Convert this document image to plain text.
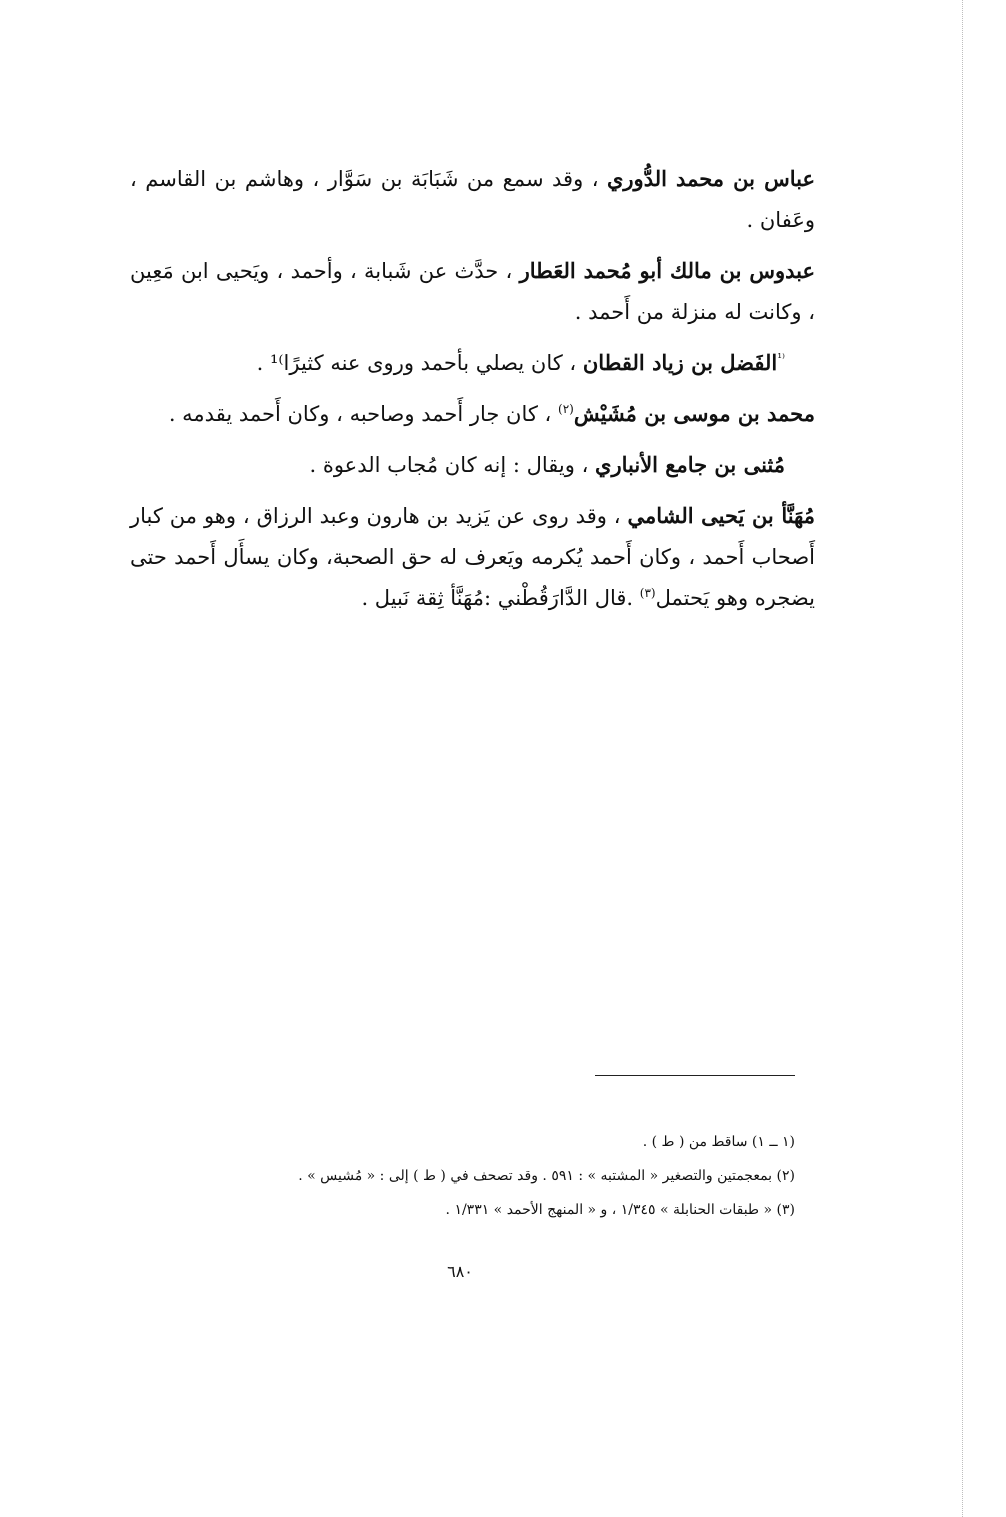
عباس بن محمد الدُّوري ، وقد سمع من شَبَابَة بن سَوَّار ، وهاشم بن القاسم ، وعَفان .

عبدوس بن مالك أبو مُحمد العَطار ، حدَّث عن شَبابة ، وأحمد ، ويَحيى ابن مَعِين ، وكانت له منزلة من أَحمد .

$^{^{(1}}$الفَضل بن زياد القطان ، كان يصلي بأحمد وروى عنه كثيرًا⁾¹ .

محمد بن موسى بن مُشَيْش$^{(٢)}$ ، كان جار أَحمد وصاحبه ، وكان أَحمد يقدمه .

مُثنى بن جامع الأنباري ، ويقال : إنه كان مُجاب الدعوة .

مُهَنَّأ بن يَحيى الشامي ، وقد روى عن يَزيد بن هارون وعبد الرزاق ، وهو من كبار أَصحاب أَحمد ، وكان أَحمد يُكرمه ويَعرف له حق الصحبة، وكان يسأَل أَحمد حتى يضجره وهو يَحتمل$^{(٣)}$ .قال الدَّارَقُطْني :مُهَنَّأ ثِقة نَبيل .

(١ ــ ١) ساقط من ( ط ) .

(٢) بمعجمتين والتصغير « المشتبه » : ٥٩١ . وقد تصحف في ( ط ) إلى : « مُشيس » .

(٣) « طبقات الحنابلة » ١/٣٤٥ ، و « المنهج الأحمد » ١/٣٣١ .

٦٨٠
